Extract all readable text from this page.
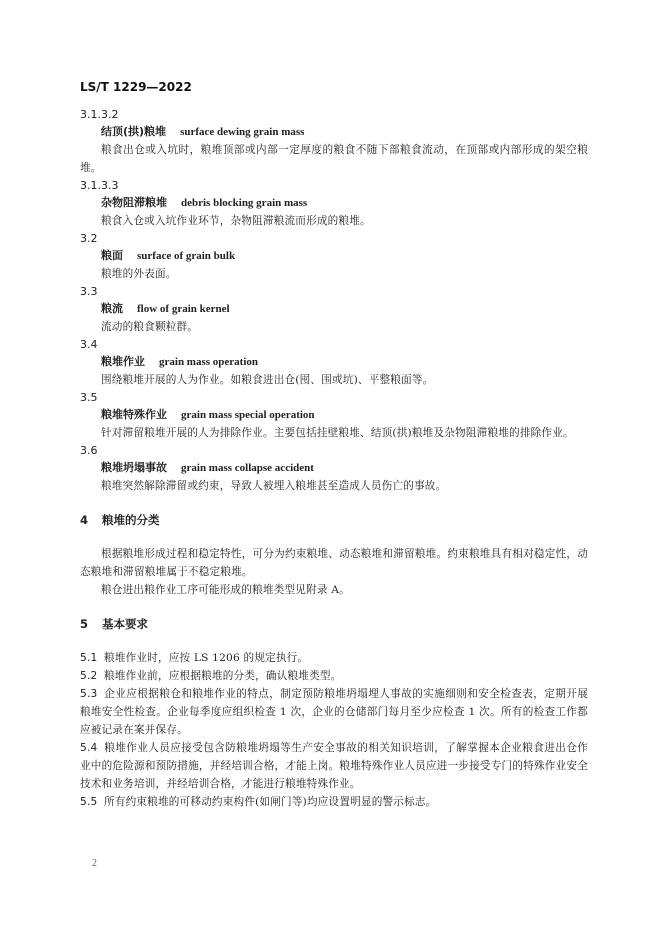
LS/T 1229—2022
3.1.3.2
结顶(拱)粮堆 surface dewing grain mass
粮食出仓或入坑时，粮堆顶部或内部一定厚度的粮食不随下部粮食流动，在顶部或内部形成的架空粮堆。
3.1.3.3
杂物阻滞粮堆 debris blocking grain mass
粮食入仓或入坑作业环节，杂物阻滞粮流而形成的粮堆。
3.2
粮面 surface of grain bulk
粮堆的外表面。
3.3
粮流 flow of grain kernel
流动的粮食颗粒群。
3.4
粮堆作业 grain mass operation
围绕粮堆开展的人为作业。如粮食进出仓(囤、围或坑)、平整粮面等。
3.5
粮堆特殊作业 grain mass special operation
针对滞留粮堆开展的人为排除作业。主要包括挂壁粮堆、结顶(拱)粮堆及杂物阻滞粮堆的排除作业。
3.6
粮堆坍塌事故 grain mass collapse accident
粮堆突然解除滞留或约束，导致人被埋入粮堆甚至造成人员伤亡的事故。
4 粮堆的分类
根据粮堆形成过程和稳定特性，可分为约束粮堆、动态粮堆和滞留粮堆。约束粮堆具有相对稳定性，动态粮堆和滞留粮堆属于不稳定粮堆。
粮仓进出粮作业工序可能形成的粮堆类型见附录 A。
5 基本要求
5.1 粮堆作业时，应按 LS 1206 的规定执行。
5.2 粮堆作业前，应根据粮堆的分类，确认粮堆类型。
5.3 企业应根据粮仓和粮堆作业的特点，制定预防粮堆坍塌埋人事故的实施细则和安全检查表，定期开展粮堆安全性检查。企业每季度应组织检查 1 次，企业的仓储部门每月至少应检查 1 次。所有的检查工作都应被记录在案并保存。
5.4 粮堆作业人员应接受包含防粮堆坍塌等生产安全事故的相关知识培训，了解掌握本企业粮食进出仓作业中的危险源和预防措施，并经培训合格，才能上岗。粮堆特殊作业人员应进一步接受专门的特殊作业安全技术和业务培训，并经培训合格，才能进行粮堆特殊作业。
5.5 所有约束粮堆的可移动约束构件(如闸门等)均应设置明显的警示标志。
2
